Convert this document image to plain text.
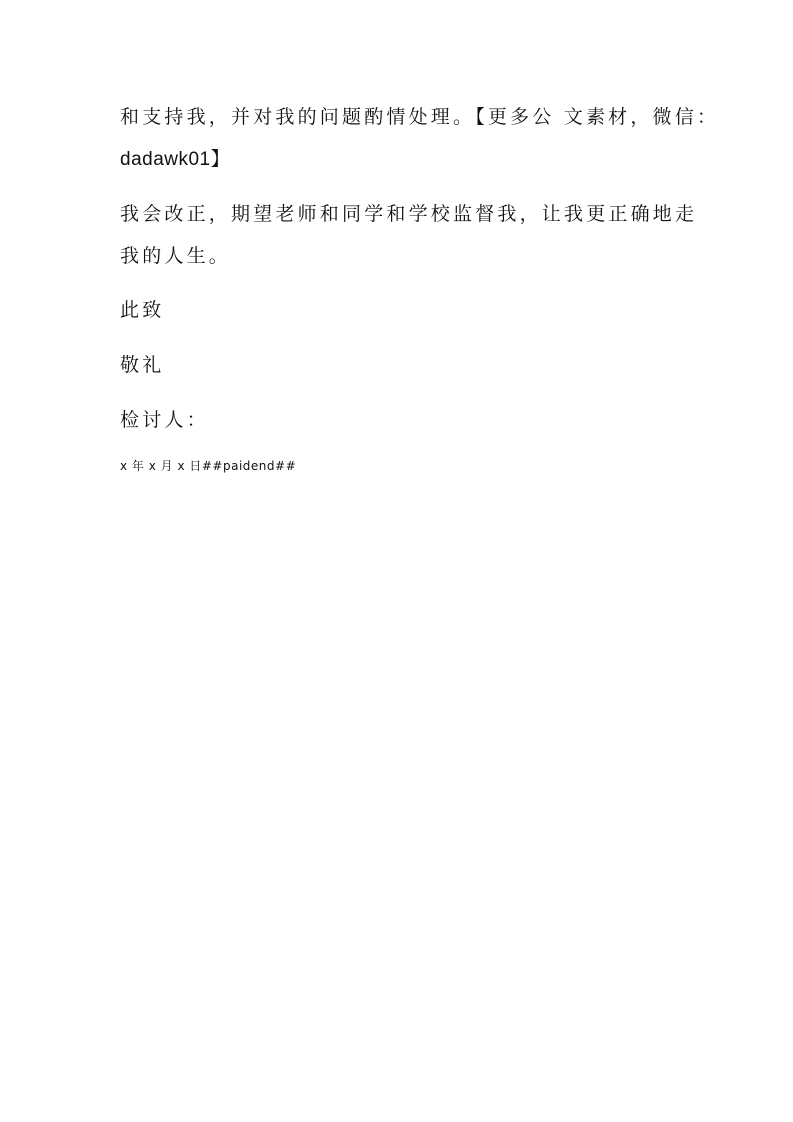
和支持我，并对我的问题酌情处理。【更多公 文素材，微信：
dadawk01】
我会改正，期望老师和同学和学校监督我，让我更正确地走
我的人生。
此致
敬礼
检讨人：
x 年 x 月 x 日##paidend##
